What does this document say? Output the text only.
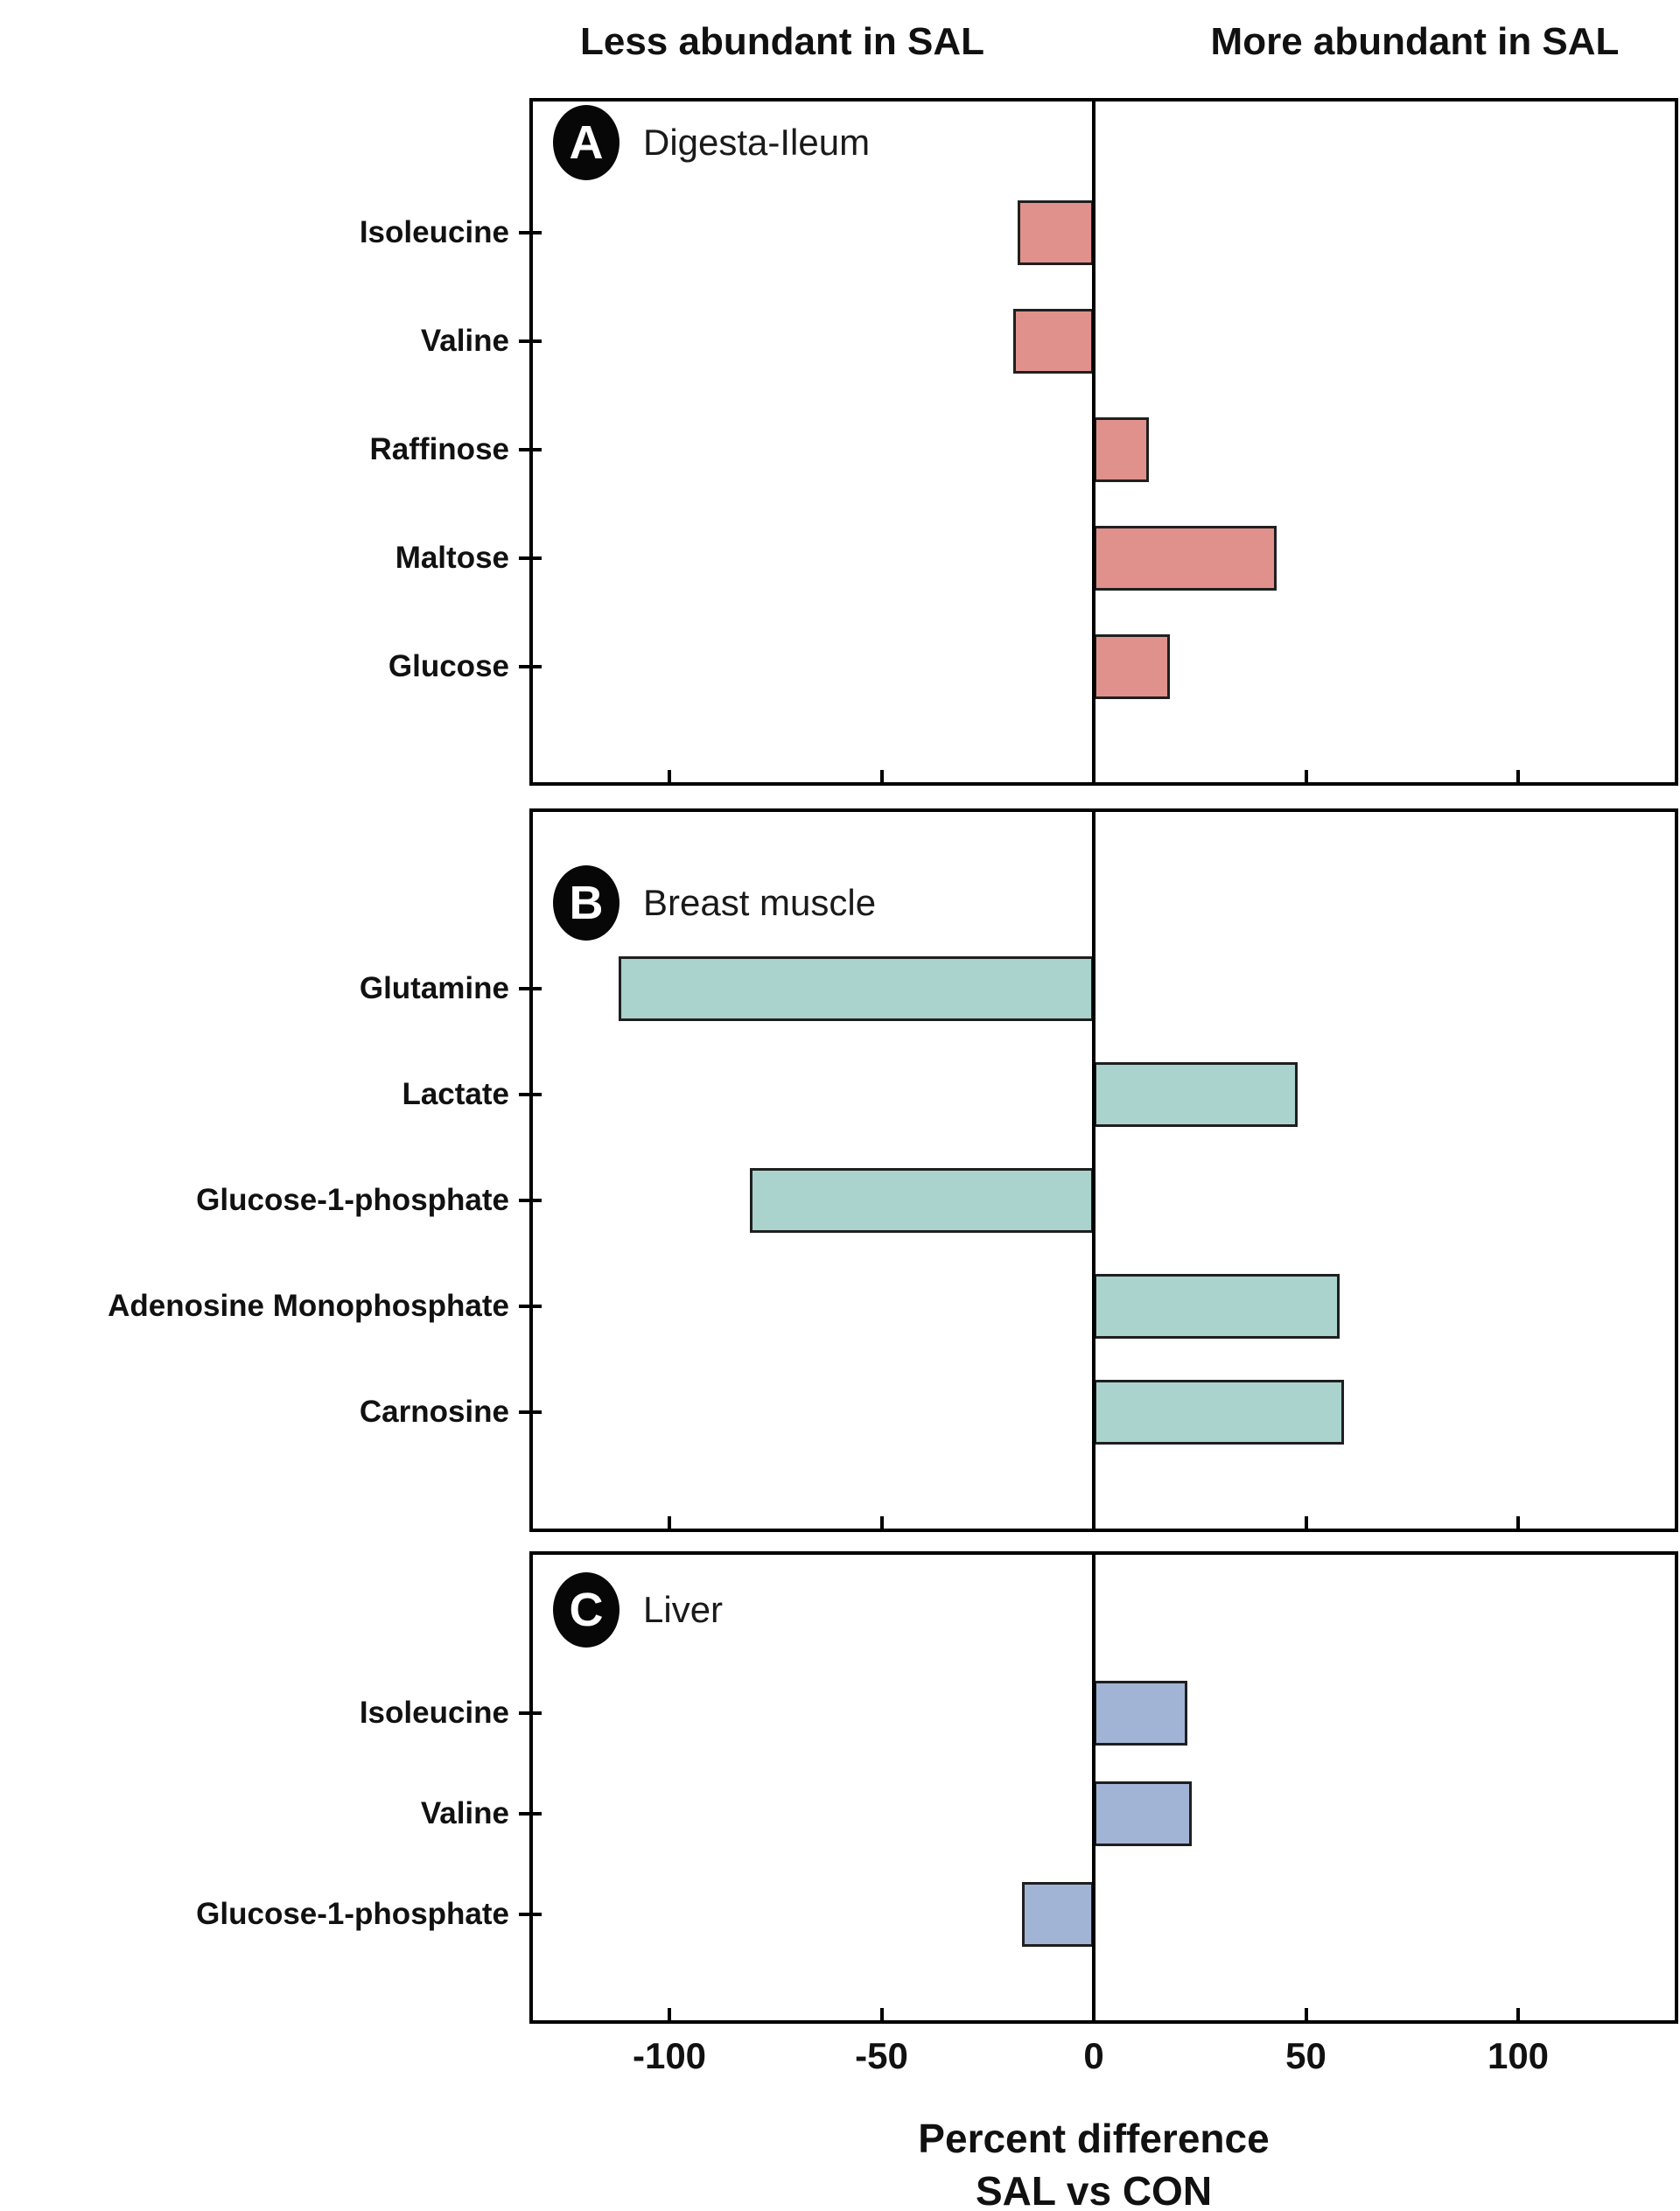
Less abundant in SAL	More abundant in SAL
A	Digesta-Ileum
B	Breast muscle
C	Liver
Percent difference
SAL vs CON
Isoleucine
Valine
Raffinose
Maltose
Glucose
Glutamine
Lactate
Glucose-1-phosphate
Adenosine Monophosphate
Carnosine
Isoleucine
Valine
Glucose-1-phosphate
-100	-50	0	50	100
